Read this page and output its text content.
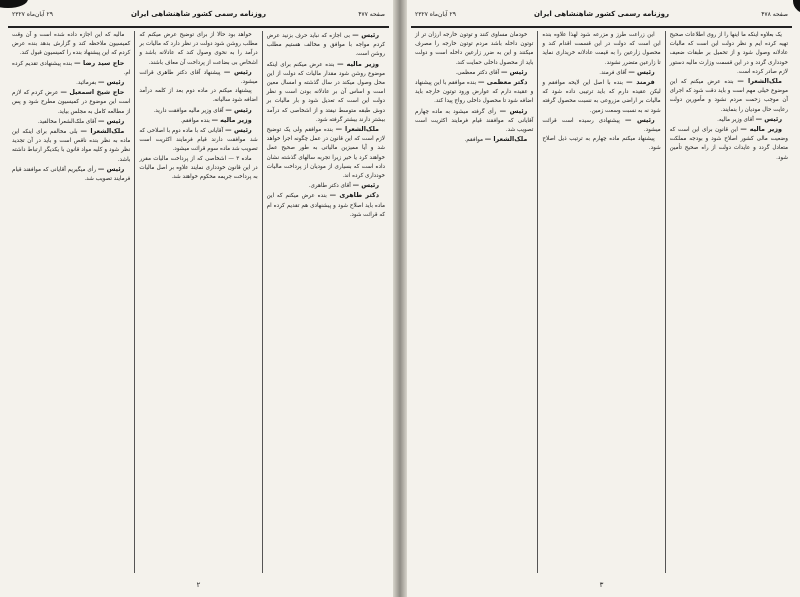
صفحه ۴۷۷
روزنامه رسمی کشور شاهنشاهی ایران
۲۹ آبان‌ماه ۲۳۲۷

رئیس — بی اجازه که نباید حرف بزنید عرض کردم مواجه با موافق و مخالف هستیم مطلب روشن است.

وزیر مالیه — بنده عرض میکنم برای اینکه موضوع روشن شود مقدار مالیات که دولت از این محل وصول میکند در سال گذشته و امسال معین است و اساس آن بر عادلانه بودن است و نظر دولت این است که تعدیل شود و بار مالیات بر دوش طبقه متوسط نیفتد و از اشخاصی که درآمد بیشتر دارند بیشتر گرفته شود.

ملک‌الشعرا — بنده موافقم ولی یک توضیح لازم است که این قانون در عمل چگونه اجرا خواهد شد و آیا ممیزین مالیاتی به طور صحیح عمل خواهند کرد یا خیر زیرا تجربه سالهای گذشته نشان داده است که بسیاری از مودیان از پرداخت مالیات خودداری کرده اند.

رئیس — آقای دکتر طاهری.

دکتر طاهری — بنده عرض میکنم که این ماده باید اصلاح شود و پیشنهادی هم تقدیم کرده ام که قرائت شود.

خواهد بود حالا از برای توضیح عرض میکنم که مطلب روشن شود دولت در نظر دارد که مالیات بر درآمد را به نحوی وصول کند که عادلانه باشد و اشخاص بی بضاعت از پرداخت آن معاف باشند.

رئیس — پیشنهاد آقای دکتر طاهری قرائت میشود.

پیشنهاد میکنم در ماده دوم بعد از کلمه درآمد اضافه شود سالیانه.

رئیس — آقای وزیر مالیه موافقت دارید.

وزیر مالیه — بنده موافقم.

رئیس — آقایانی که با ماده دوم با اصلاحی که شد موافقت دارند قیام فرمایند اکثریت است تصویب شد ماده سوم قرائت میشود.

ماده ۳ — اشخاصی که از پرداخت مالیات مقرر در این قانون خودداری نمایند علاوه بر اصل مالیات به پرداخت جریمه محکوم خواهند شد.

مالیه که این اجازه داده شده است و آن وقت کمیسیون ملاحظه کند و گزارش بدهد بنده عرض کردم که این پیشنهاد بنده را کمیسیون قبول کند.

حاج سید رضا — بنده پیشنهادی تقدیم کرده ام.

رئیس — بفرمائید.

حاج شیخ اسمعیل — عرض کردم که لازم است این موضوع در کمیسیون مطرح شود و پس از مطالعه کامل به مجلس بیاید.

رئیس — آقای ملک‌الشعرا مخالفید.

ملک‌الشعرا — بلی مخالفم برای اینکه این ماده به نظر بنده ناقص است و باید در آن تجدید نظر شود و کلیه مواد قانون با یکدیگر ارتباط داشته باشد.

رئیس — رأی میگیریم آقایانی که موافقند قیام فرمایند تصویب شد.

۲
صفحه ۴۷۸
روزنامه رسمی کشور شاهنشاهی ایران
۲۹ آبان‌ماه ۲۳۲۷

یک بعلاوه اینکه ما اینها را از روی اطلاعات صحیح تهیه کرده ایم و نظر دولت این است که مالیات عادلانه وصول شود و از تحمیل بر طبقات ضعیف خودداری گردد و در این قسمت وزارت مالیه دستور لازم صادر کرده است.

ملک‌الشعرا — بنده عرض میکنم که این موضوع خیلی مهم است و باید دقت شود که اجرای آن موجب زحمت مردم نشود و مأمورین دولت رعایت حال مودیان را بنمایند.

رئیس — آقای وزیر مالیه.

وزیر مالیه — این قانون برای این است که وضعیت مالی کشور اصلاح شود و بودجه مملکت متعادل گردد و عایدات دولت از راه صحیح تأمین شود.

این زراعت طرز و مزرعه شود لهذا علاوه بنده این است که دولت در این قسمت اقدام کند و محصول زارعین را به قیمت عادلانه خریداری نماید تا زارعین متضرر نشوند.

رئیس — آقای فرمند.

فرمند — بنده با اصل این لایحه موافقم و لیکن عقیده دارم که باید ترتیبی داده شود که مالیات بر اراضی مزروعی به نسبت محصول گرفته شود نه به نسبت وسعت زمین.

رئیس — پیشنهادی رسیده است قرائت میشود.

پیشنهاد میکنم ماده چهارم به ترتیب ذیل اصلاح شود.

خودمان مساوی کنند و توتون خارجه ارزان تر از توتون داخله باشد مردم توتون خارجه را مصرف میکنند و این به ضرر زارعین داخله است و دولت باید از محصول داخلی حمایت کند.

رئیس — آقای دکتر معظمی.

دکتر معظمی — بنده موافقم با این پیشنهاد و عقیده دارم که عوارض ورود توتون خارجه باید اضافه شود تا محصول داخلی رواج پیدا کند.

رئیس — رأی گرفته میشود به ماده چهارم آقایانی که موافقند قیام فرمایند اکثریت است تصویب شد.

ملک‌الشعرا — موافقم.

۳
